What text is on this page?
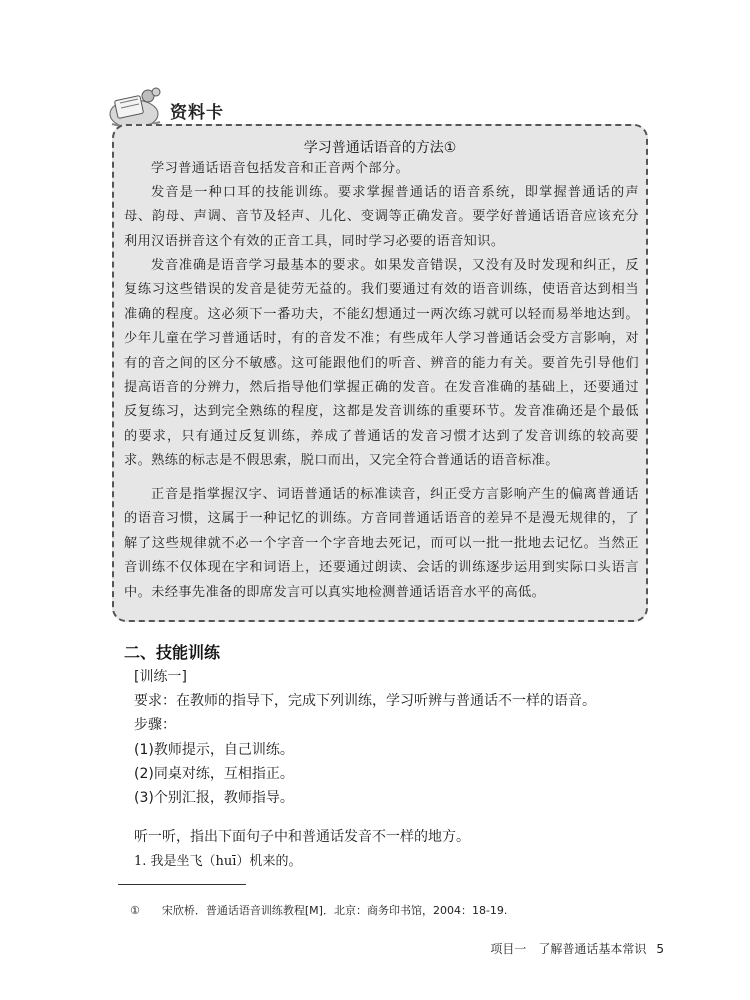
资料卡
学习普通话语音的方法①

学习普通话语音包括发音和正音两个部分。

发音是一种口耳的技能训练。要求掌握普通话的语音系统，即掌握普通话的声母、韵母、声调、音节及轻声、儿化、变调等正确发音。要学好普通话语音应该充分利用汉语拼音这个有效的正音工具，同时学习必要的语音知识。

发音准确是语音学习最基本的要求。如果发音错误，又没有及时发现和纠正，反复练习这些错误的发音是徒劳无益的。我们要通过有效的语音训练，使语音达到相当准确的程度。这必须下一番功夫，不能幻想通过一两次练习就可以轻而易举地达到。少年儿童在学习普通话时，有的音发不准；有些成年人学习普通话会受方言影响，对有的音之间的区分不敏感。这可能跟他们的听音、辨音的能力有关。要首先引导他们提高语音的分辨力，然后指导他们掌握正确的发音。在发音准确的基础上，还要通过反复练习，达到完全熟练的程度，这都是发音训练的重要环节。发音准确还是个最低的要求，只有通过反复训练，养成了普通话的发音习惯才达到了发音训练的较高要求。熟练的标志是不假思索，脱口而出，又完全符合普通话的语音标准。

正音是指掌握汉字、词语普通话的标准读音，纠正受方言影响产生的偏离普通话的语音习惯，这属于一种记忆的训练。方音同普通话语音的差异不是漫无规律的，了解了这些规律就不必一个字音一个字音地去死记，而可以一批一批地去记忆。当然正音训练不仅体现在字和词语上，还要通过朗读、会话的训练逐步运用到实际口头语言中。未经事先准备的即席发言可以真实地检测普通话语音水平的高低。

二、技能训练
[训练一]
要求：在教师的指导下，完成下列训练，学习听辨与普通话不一样的语音。
步骤：
(1)教师提示，自己训练。
(2)同桌对练，互相指正。
(3)个别汇报，教师指导。
听一听，指出下面句子中和普通话发音不一样的地方。
1. 我是坐飞（huī）机来的。
① 宋欣桥．普通话语音训练教程[M]．北京：商务印书馆，2004：18-19.
项目一　了解普通话基本常识 5
